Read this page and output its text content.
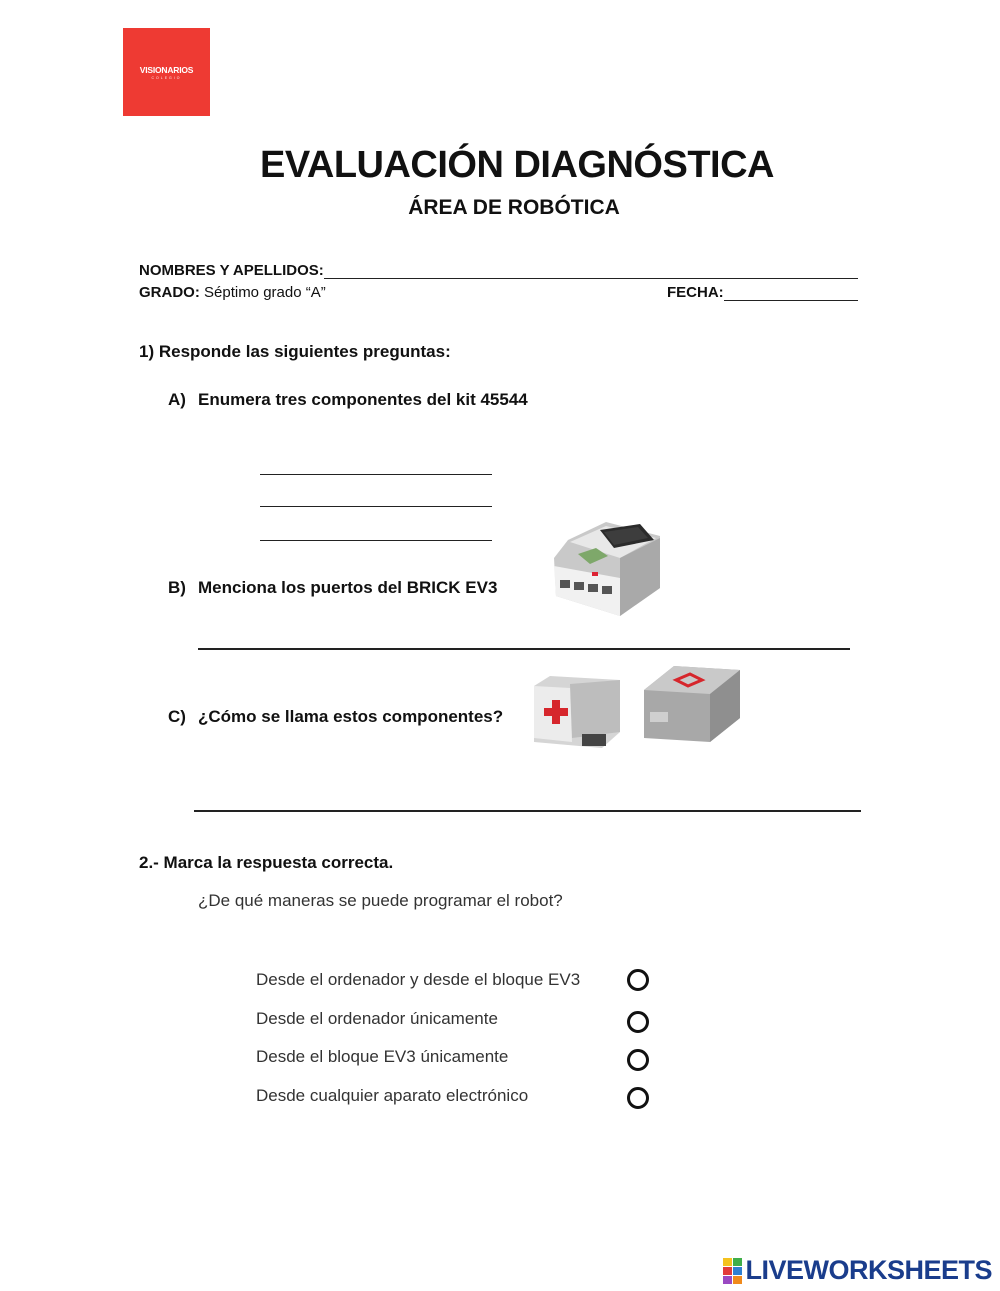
VISIONARIOS
COLEGIO
EVALUACIÓN DIAGNÓSTICA
ÁREA DE ROBÓTICA
NOMBRES Y APELLIDOS:
GRADO: Séptimo grado “A”	FECHA:
1) Responde las siguientes preguntas:
A) Enumera tres componentes del kit 45544
B) Menciona los puertos del BRICK EV3
C) ¿Cómo se llama estos componentes?
2.- Marca la respuesta correcta.
¿De qué maneras se puede programar el robot?
Desde el ordenador y desde el bloque EV3
Desde el ordenador únicamente
Desde el bloque EV3 únicamente
Desde cualquier aparato electrónico
LIVEWORKSHEETS
